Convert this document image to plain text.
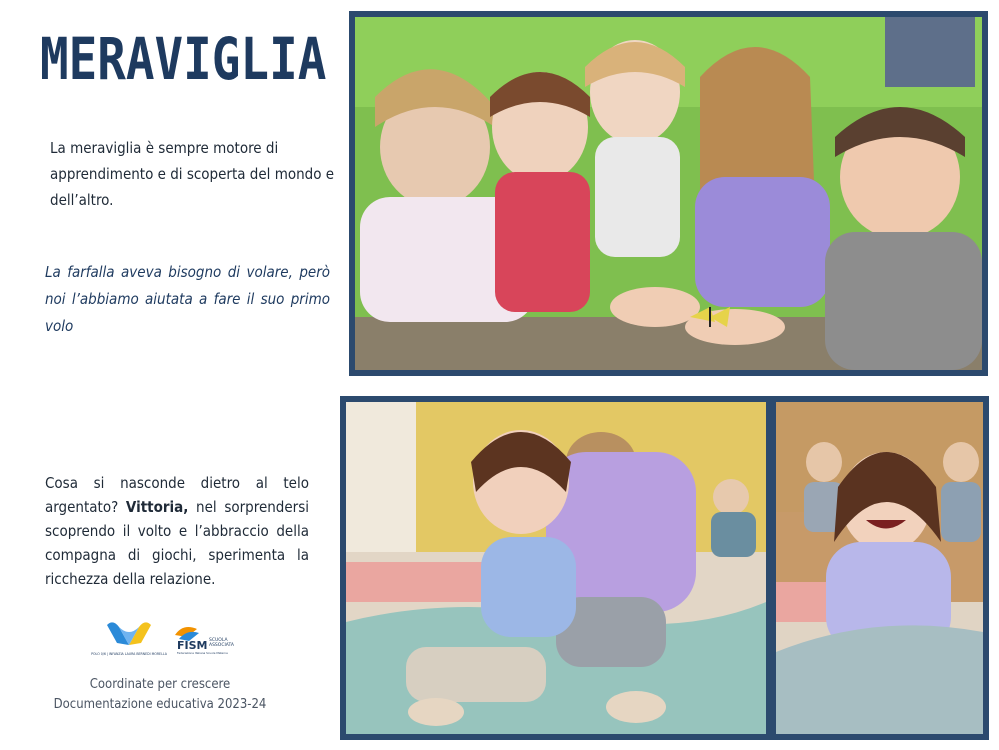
MERAVIGLIA
La meraviglia è sempre motore di apprendimento e di scoperta del mondo e dell’altro.
La farfalla aveva bisogno di volare, però noi l’abbiamo aiutata a fare il suo primo volo
Cosa si nasconde dietro al telo argentato? Vittoria, nel sorprendersi scoprendo il volto e l’abbraccio della compagna di giochi, sperimenta la ricchezza della relazione.
POLO 0/6 | INFANZIA LAURA BERNEDI MORELLA
FISM SCUOLA
ASSOCIATA
Federazione Italiana Scuole Materne
Coordinate per crescere
Documentazione educativa 2023-24
